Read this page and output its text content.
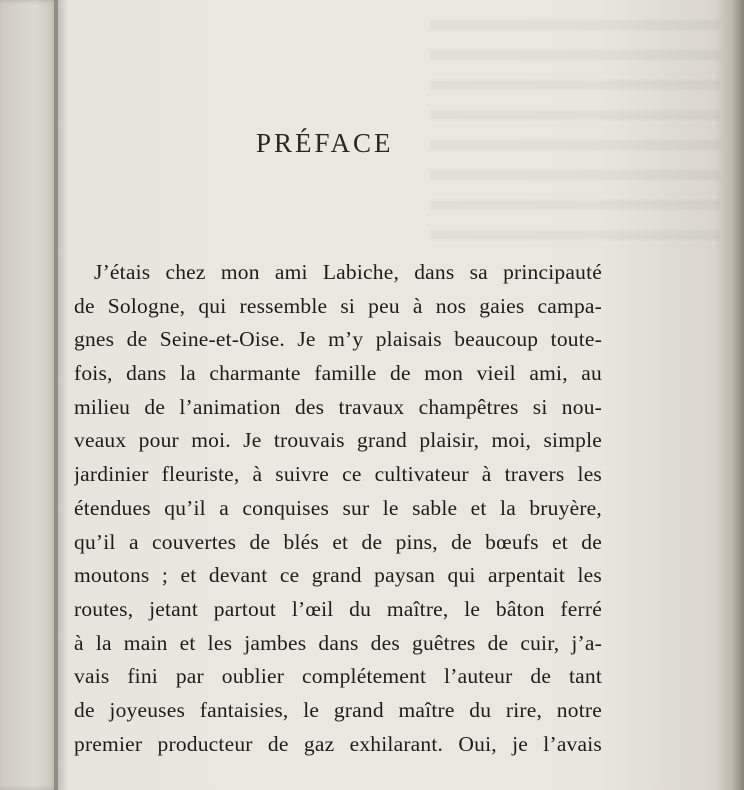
PRÉFACE
J’étais chez mon ami Labiche, dans sa principauté
de Sologne, qui ressemble si peu à nos gaies campa-
gnes de Seine-et-Oise. Je m’y plaisais beaucoup toute-
fois, dans la charmante famille de mon vieil ami, au
milieu de l’animation des travaux champêtres si nou-
veaux pour moi. Je trouvais grand plaisir, moi, simple
jardinier fleuriste, à suivre ce cultivateur à travers les
étendues qu’il a conquises sur le sable et la bruyère,
qu’il a couvertes de blés et de pins, de bœufs et de
moutons ; et devant ce grand paysan qui arpentait les
routes, jetant partout l’œil du maître, le bâton ferré
à la main et les jambes dans des guêtres de cuir, j’a-
vais fini par oublier complétement l’auteur de tant
de joyeuses fantaisies, le grand maître du rire, notre
premier producteur de gaz exhilarant. Oui, je l’avais
